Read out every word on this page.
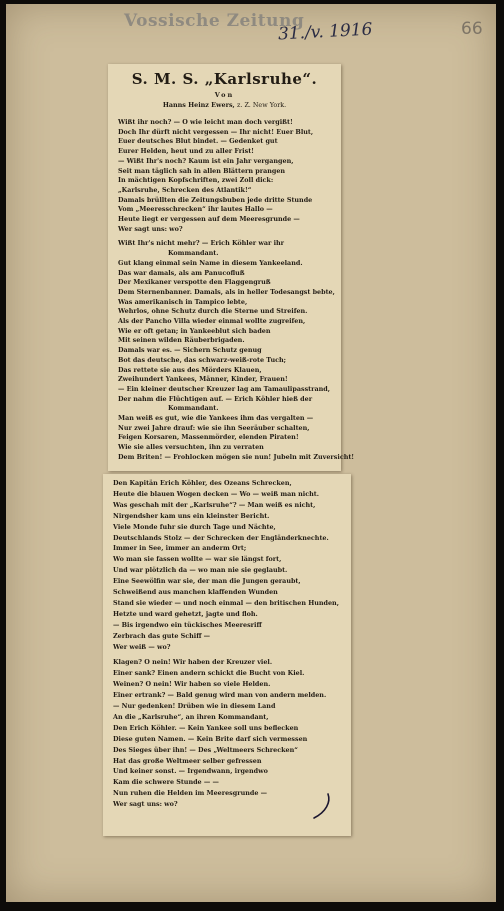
Vossische Zeitung
31./v. 1916	66
S. M. S. „Karlsruhe“.
Von
Hanns Heinz Ewers, z. Z. New York.
Wißt ihr noch? — O wie leicht man doch vergißt!
Doch Ihr dürft nicht vergessen — Ihr nicht! Euer Blut,
Euer deutsches Blut bindet. — Gedenket gut
Eurer Helden, heut und zu aller Frist!
— Wißt Ihr's noch? Kaum ist ein Jahr vergangen,
Seit man täglich sah in allen Blättern prangen
In mächtigen Kopfschriften, zwei Zoll dick:
„Karlsruhe, Schrecken des Atlantik!“
Damals brüllten die Zeitungsbuben jede dritte Stunde
Vom „Meeresschrecken“ ihr lautes Hallo —
Heute liegt er vergessen auf dem Meeresgrunde —
Wer sagt uns: wo?
Wißt Ihr's nicht mehr? — Erich Köhler war ihr
Kommandant.
Gut klang einmal sein Name in diesem Yankeeland.
Das war damals, als am Panucofluß
Der Mexikaner verspotte den Flaggengruß
Dem Sternenbanner. Damals, als in heller Todesangst bebte,
Was amerikanisch in Tampico lebte,
Wehrlos, ohne Schutz durch die Sterne und Streifen.
Als der Pancho Villa wieder einmal wollte zugreifen,
Wie er oft getan; in Yankeeblut sich baden
Mit seinen wilden Räuberbrigaden.
Damals war es. — Sichern Schutz genug
Bot das deutsche, das schwarz-weiß-rote Tuch;
Das rettete sie aus des Mörders Klauen,
Zweihundert Yankees, Männer, Kinder, Frauen!
— Ein kleiner deutscher Kreuzer lag am Tamaulipasstrand,
Der nahm die Flüchtigen auf. — Erich Köhler hieß der
Kommandant.
Man weiß es gut, wie die Yankees ihm das vergalten —
Nur zwei Jahre drauf: wie sie ihn Seeräuber schalten,
Feigen Korsaren, Massenmörder, elenden Piraten!
Wie sie alles versuchten, ihn zu verraten
Dem Briten! — Frohlocken mögen sie nun! Jubeln mit Zuversicht!
Den Kapitän Erich Köhler, des Ozeans Schrecken,
Heute die blauen Wogen decken — Wo — weiß man nicht.
Was geschah mit der „Karlsruhe“? — Man weiß es nicht,
Nirgendsher kam uns ein kleinster Bericht.
Viele Monde fuhr sie durch Tage und Nächte,
Deutschlands Stolz — der Schrecken der Engländerknechte.
Immer in See, immer an anderm Ort;
Wo man sie fassen wollte — war sie längst fort,
Und war plötzlich da — wo man nie sie geglaubt.
Eine Seewölfin war sie, der man die Jungen geraubt,
Schweißend aus manchen klaffenden Wunden
Stand sie wieder — und noch einmal — den britischen Hunden,
Hetzte und ward gehetzt, jagte und floh.
— Bis irgendwo ein tückisches Meeresriff
Zerbrach das gute Schiff —
Wer weiß — wo?
Klagen? O nein! Wir haben der Kreuzer viel.
Einer sank? Einen andern schickt die Bucht von Kiel.
Weinen? O nein! Wir haben so viele Helden.
Einer ertrank? — Bald genug wird man von andern melden.
— Nur gedenken! Drüben wie in diesem Land
An die „Karlsruhe“, an ihren Kommandant,
Den Erich Köhler. — Kein Yankee soll uns beflecken
Diese guten Namen. — Kein Brite darf sich vermessen
Des Sieges über ihn! — Des „Weltmeers Schrecken“
Hat das große Weltmeer selber gefressen
Und keiner sonst. — Irgendwann, irgendwo
Kam die schwere Stunde — —
Nun ruhen die Helden im Meeresgrunde —
Wer sagt uns: wo?
